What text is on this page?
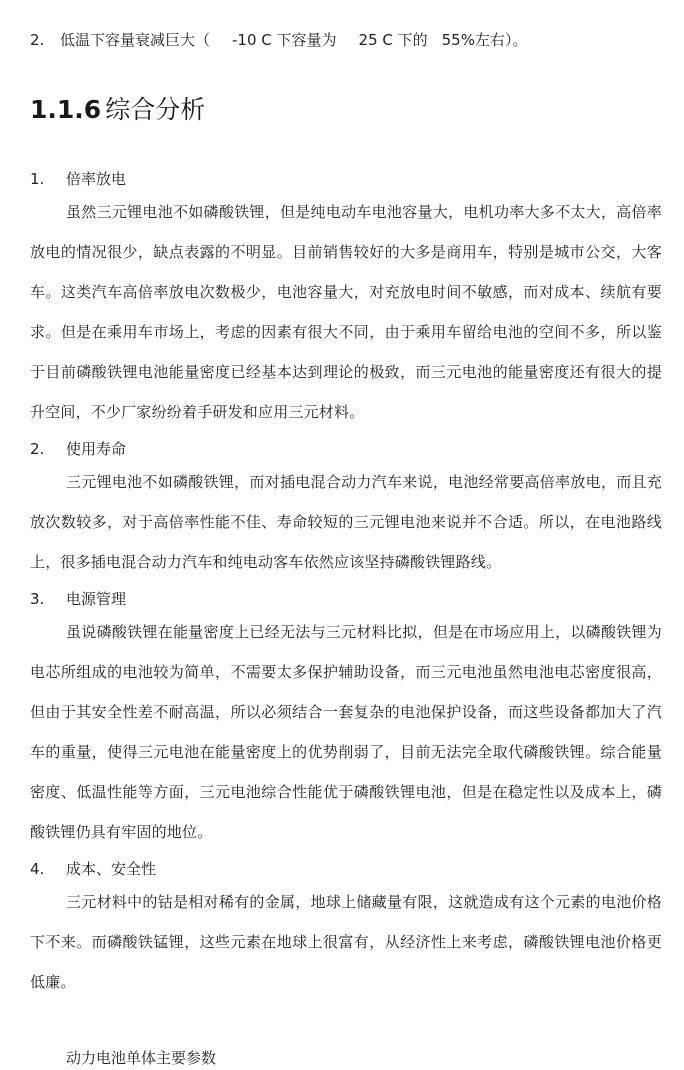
2. 低温下容量衰减巨大（ -10 C 下容量为 25 C 下的 55%左右）。
1.1.6 综合分析

1. 倍率放电

虽然三元锂电池不如磷酸铁锂，但是纯电动车电池容量大，电机功率大多不太大，高倍率放电的情况很少，缺点表露的不明显。目前销售较好的大多是商用车，特别是城市公交，大客车。这类汽车高倍率放电次数极少，电池容量大，对充放电时间不敏感，而对成本、续航有要求。但是在乘用车市场上，考虑的因素有很大不同，由于乘用车留给电池的空间不多，所以鉴于目前磷酸铁锂电池能量密度已经基本达到理论的极致，而三元电池的能量密度还有很大的提升空间，不少厂家纷纷着手研发和应用三元材料。

2. 使用寿命

三元锂电池不如磷酸铁锂，而对插电混合动力汽车来说，电池经常要高倍率放电，而且充放次数较多，对于高倍率性能不佳、寿命较短的三元锂电池来说并不合适。所以，在电池路线上，很多插电混合动力汽车和纯电动客车依然应该坚持磷酸铁锂路线。

3. 电源管理

虽说磷酸铁锂在能量密度上已经无法与三元材料比拟，但是在市场应用上，以磷酸铁锂为电芯所组成的电池较为简单，不需要太多保护辅助设备，而三元电池虽然电池电芯密度很高，但由于其安全性差不耐高温，所以必须结合一套复杂的电池保护设备，而这些设备都加大了汽车的重量，使得三元电池在能量密度上的优势削弱了，目前无法完全取代磷酸铁锂。综合能量密度、低温性能等方面，三元电池综合性能优于磷酸铁锂电池，但是在稳定性以及成本上，磷酸铁锂仍具有牢固的地位。

4. 成本、安全性

三元材料中的钴是相对稀有的金属，地球上储藏量有限，这就造成有这个元素的电池价格下不来。而磷酸铁锰锂，这些元素在地球上很富有，从经济性上来考虑，磷酸铁锂电池价格更低廉。

动力电池单体主要参数
